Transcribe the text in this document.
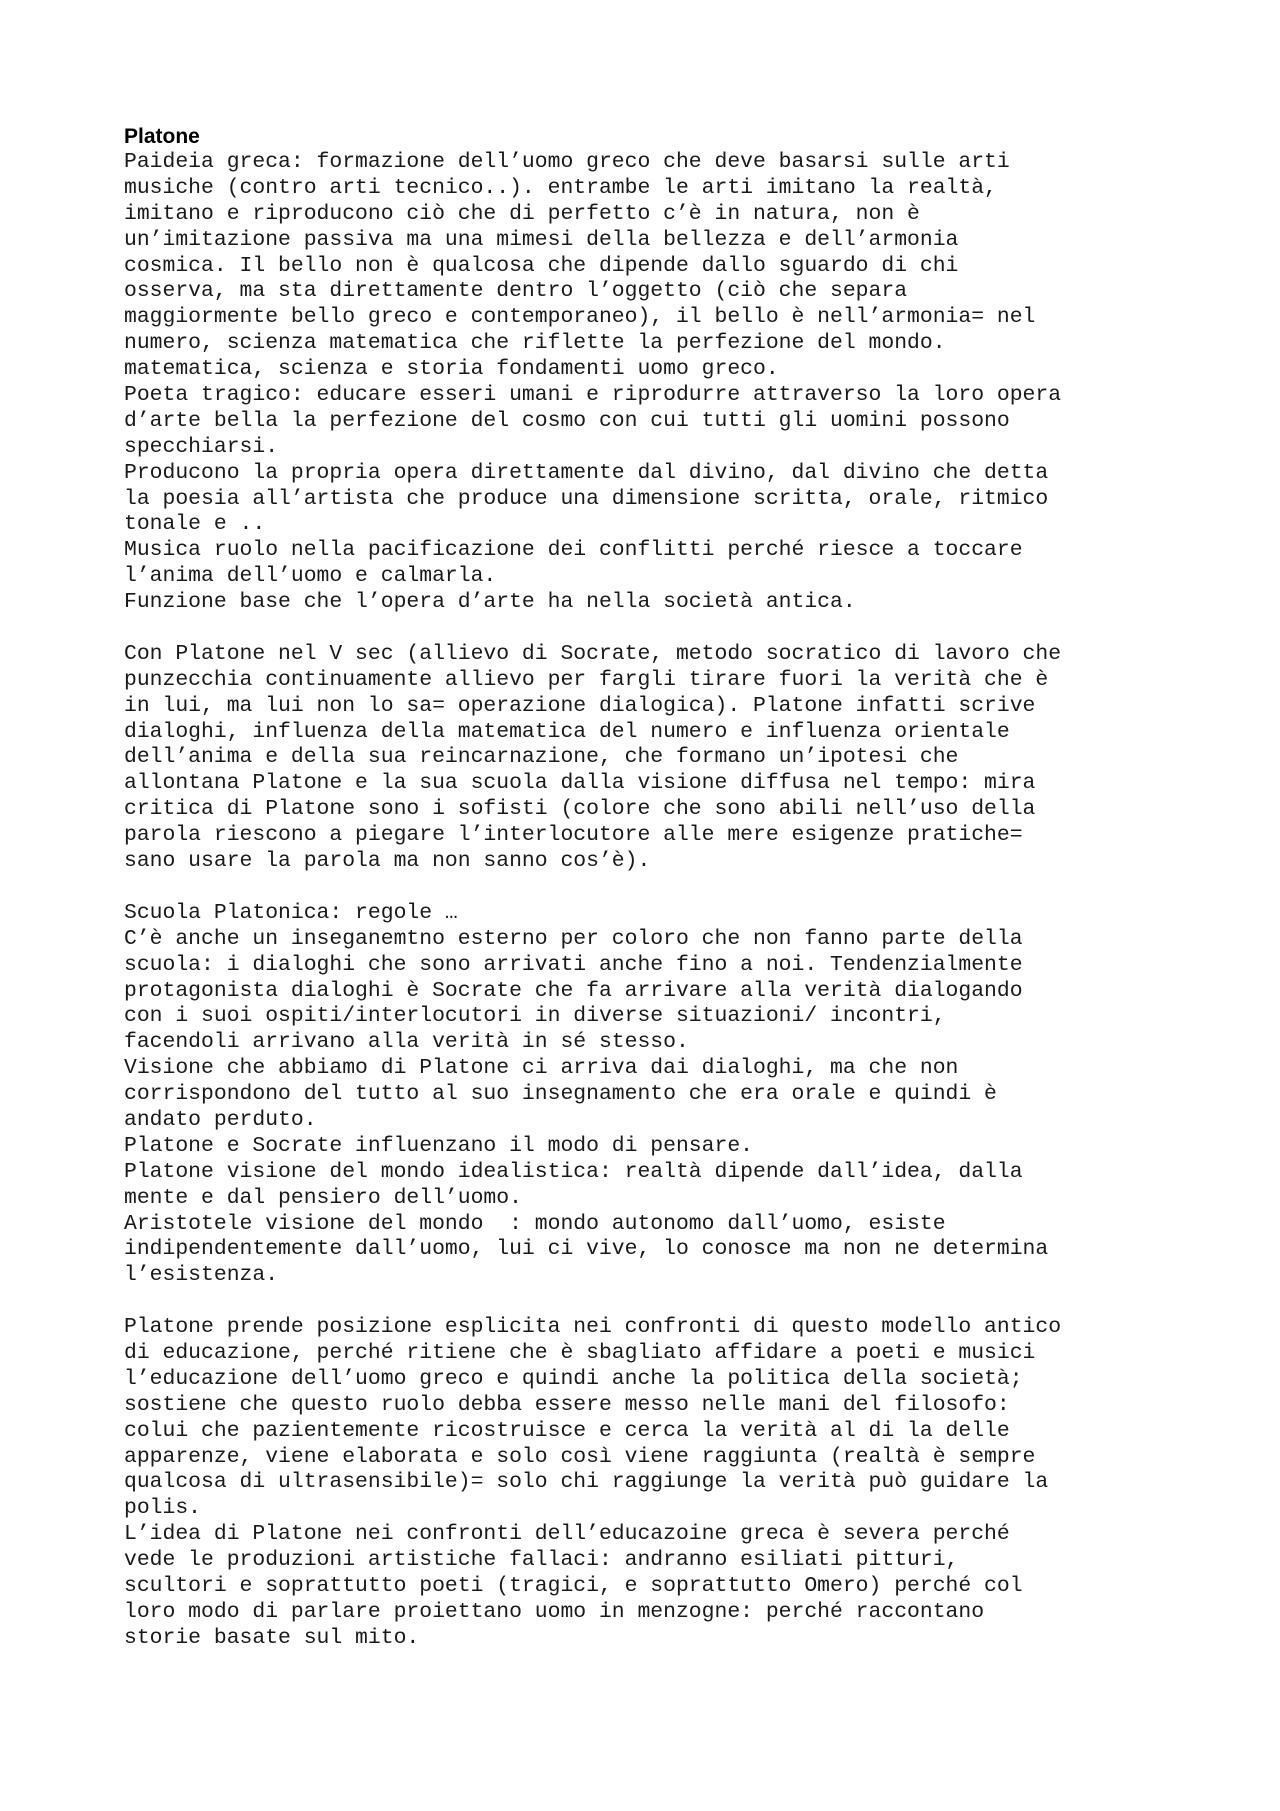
Platone
Paideia greca: formazione dell’uomo greco che deve basarsi sulle arti
musiche (contro arti tecnico..). entrambe le arti imitano la realtà,
imitano e riproducono ciò che di perfetto c’è in natura, non è
un’imitazione passiva ma una mimesi della bellezza e dell’armonia
cosmica. Il bello non è qualcosa che dipende dallo sguardo di chi
osserva, ma sta direttamente dentro l’oggetto (ciò che separa
maggiormente bello greco e contemporaneo), il bello è nell’armonia= nel
numero, scienza matematica che riflette la perfezione del mondo.
matematica, scienza e storia fondamenti uomo greco.
Poeta tragico: educare esseri umani e riprodurre attraverso la loro opera
d’arte bella la perfezione del cosmo con cui tutti gli uomini possono
specchiarsi.
Producono la propria opera direttamente dal divino, dal divino che detta
la poesia all’artista che produce una dimensione scritta, orale, ritmico
tonale e ..
Musica ruolo nella pacificazione dei conflitti perché riesce a toccare
l’anima dell’uomo e calmarla.
Funzione base che l’opera d’arte ha nella società antica.
Con Platone nel V sec (allievo di Socrate, metodo socratico di lavoro che
punzecchia continuamente allievo per fargli tirare fuori la verità che è
in lui, ma lui non lo sa= operazione dialogica). Platone infatti scrive
dialoghi, influenza della matematica del numero e influenza orientale
dell’anima e della sua reincarnazione, che formano un’ipotesi che
allontana Platone e la sua scuola dalla visione diffusa nel tempo: mira
critica di Platone sono i sofisti (colore che sono abili nell’uso della
parola riescono a piegare l’interlocutore alle mere esigenze pratiche=
sano usare la parola ma non sanno cos’è).
Scuola Platonica: regole …
C’è anche un inseganemtno esterno per coloro che non fanno parte della
scuola: i dialoghi che sono arrivati anche fino a noi. Tendenzialmente
protagonista dialoghi è Socrate che fa arrivare alla verità dialogando
con i suoi ospiti/interlocutori in diverse situazioni/ incontri,
facendoli arrivano alla verità in sé stesso.
Visione che abbiamo di Platone ci arriva dai dialoghi, ma che non
corrispondono del tutto al suo insegnamento che era orale e quindi è
andato perduto.
Platone e Socrate influenzano il modo di pensare.
Platone visione del mondo idealistica: realtà dipende dall’idea, dalla
mente e dal pensiero dell’uomo.
Aristotele visione del mondo  : mondo autonomo dall’uomo, esiste
indipendentemente dall’uomo, lui ci vive, lo conosce ma non ne determina
l’esistenza.
Platone prende posizione esplicita nei confronti di questo modello antico
di educazione, perché ritiene che è sbagliato affidare a poeti e musici
l’educazione dell’uomo greco e quindi anche la politica della società;
sostiene che questo ruolo debba essere messo nelle mani del filosofo:
colui che pazientemente ricostruisce e cerca la verità al di la delle
apparenze, viene elaborata e solo così viene raggiunta (realtà è sempre
qualcosa di ultrasensibile)= solo chi raggiunge la verità può guidare la
polis.
L’idea di Platone nei confronti dell’educazoine greca è severa perché
vede le produzioni artistiche fallaci: andranno esiliati pitturi,
scultori e soprattutto poeti (tragici, e soprattutto Omero) perché col
loro modo di parlare proiettano uomo in menzogne: perché raccontano
storie basate sul mito.
